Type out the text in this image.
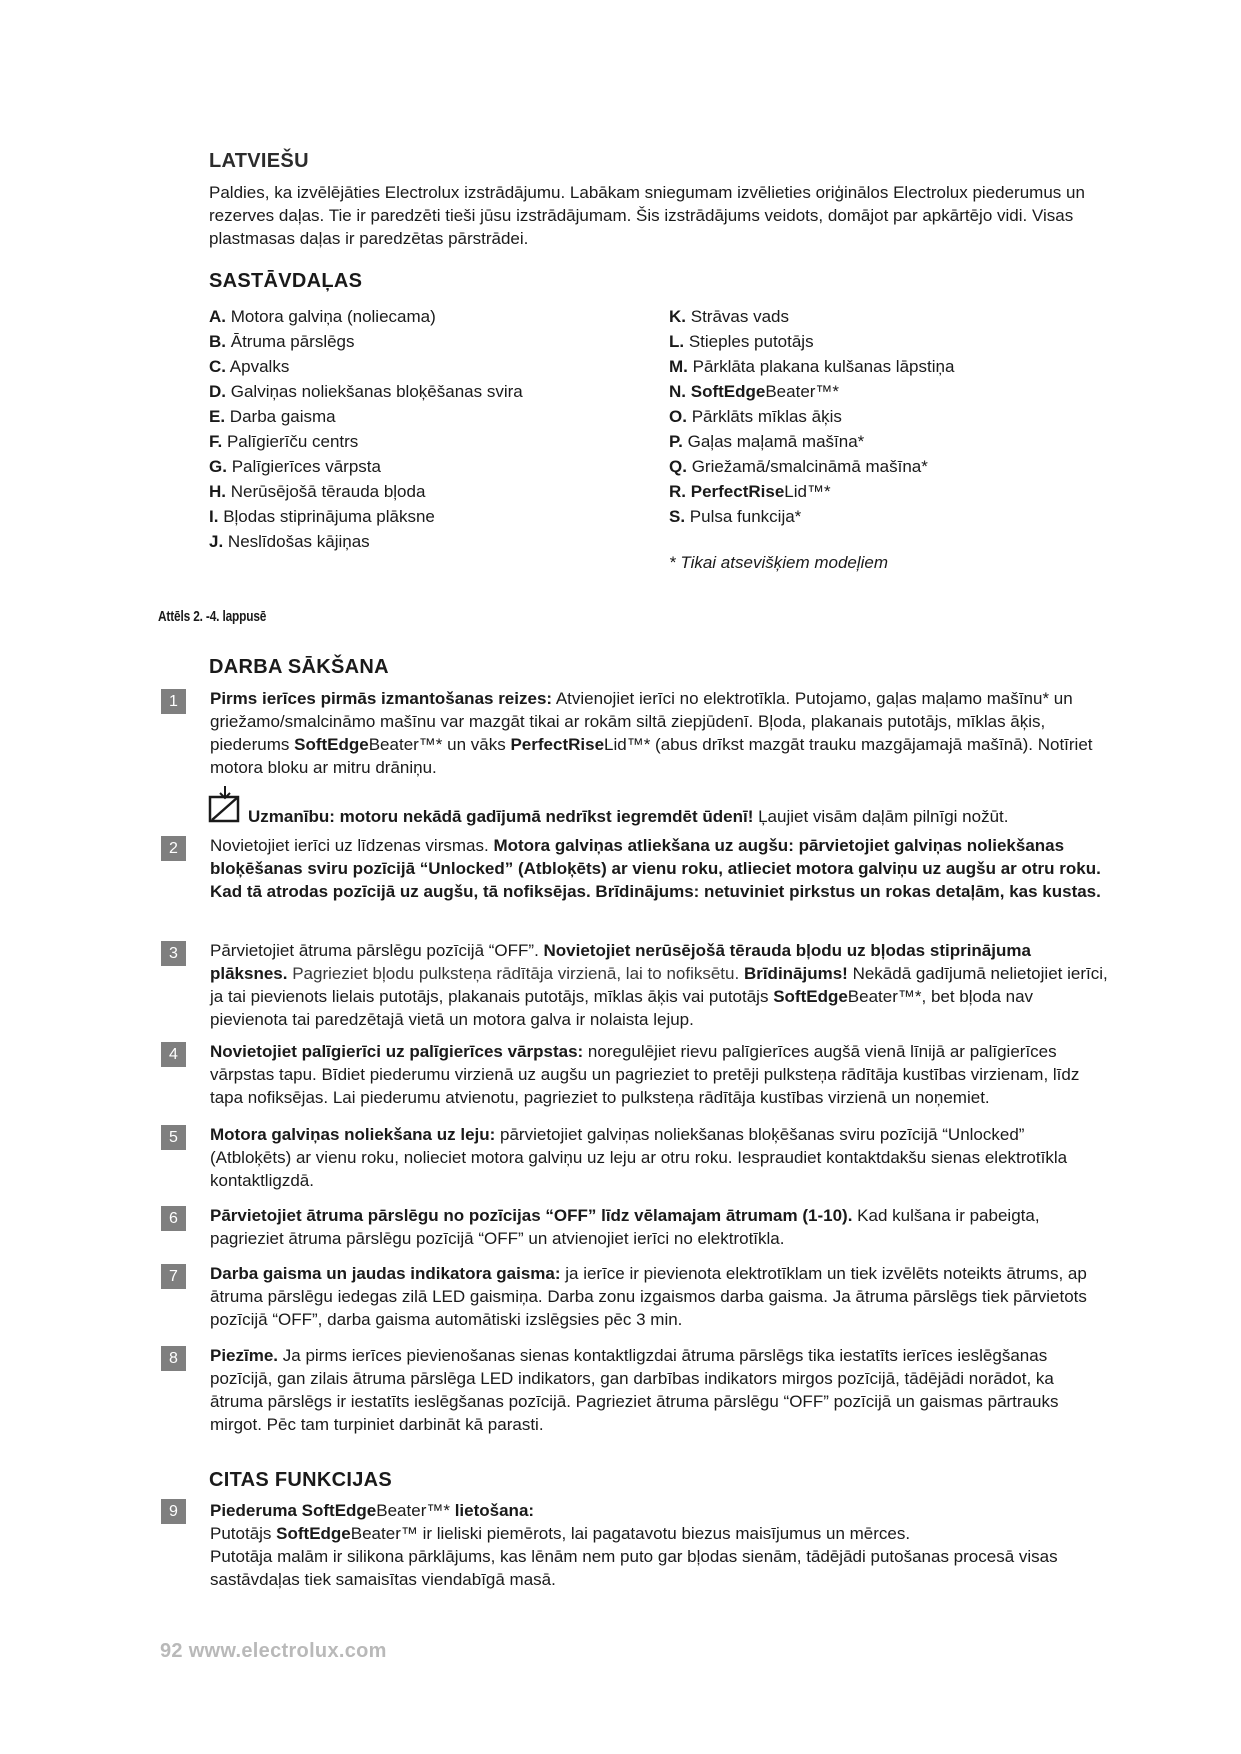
LATVIEŠU

Paldies, ka izvēlējāties Electrolux izstrādājumu. Labākam sniegumam izvēlieties oriģinālos Electrolux piederumus un rezerves daļas. Tie ir paredzēti tieši jūsu izstrādājumam. Šis izstrādājums veidots, domājot par apkārtējo vidi. Visas plastmasas daļas ir paredzētas pārstrādei.

SASTĀVDAĻAS
A. Motora galviņa (noliecama)
B. Ātruma pārslēgs
C. Apvalks
D. Galviņas noliekšanas bloķēšanas svira
E. Darba gaisma
F. Palīgierīču centrs
G. Palīgierīces vārpsta
H. Nerūsējošā tērauda bļoda
I. Bļodas stiprinājuma plāksne
J. Neslīdošas kājiņas
K. Strāvas vads
L. Stieples putotājs
M. Pārklāta plakana kulšanas lāpstiņa
N. SoftEdgeBeater™*
O. Pārklāts mīklas āķis
P. Gaļas maļamā mašīna*
Q. Griežamā/smalcināmā mašīna*
R. PerfectRiseLid™*
S. Pulsa funkcija*
* Tikai atsevišķiem modeļiem
Attēls 2. -4. lappusē
DARBA SĀKŠANA
1	Pirms ierīces pirmās izmantošanas reizes: Atvienojiet ierīci no elektrotīkla. Putojamo, gaļas maļamo mašīnu* un griežamo/smalcināmo mašīnu var mazgāt tikai ar rokām siltā ziepjūdenī. Bļoda, plakanais putotājs, mīklas āķis, piederums SoftEdgeBeater™* un vāks PerfectRiseLid™* (abus drīkst mazgāt trauku mazgājamajā mašīnā). Notīriet motora bloku ar mitru drāniņu.
Uzmanību: motoru nekādā gadījumā nedrīkst iegremdēt ūdenī! Ļaujiet visām daļām pilnīgi nožūt.
2	Novietojiet ierīci uz līdzenas virsmas. Motora galviņas atliekšana uz augšu: pārvietojiet galviņas noliekšanas bloķēšanas sviru pozīcijā “Unlocked” (Atbloķēts) ar vienu roku, atlieciet motora galviņu uz augšu ar otru roku. Kad tā atrodas pozīcijā uz augšu, tā nofiksējas. Brīdinājums: netuviniet pirkstus un rokas detaļām, kas kustas.
3	Pārvietojiet ātruma pārslēgu pozīcijā “OFF”. Novietojiet nerūsējošā tērauda bļodu uz bļodas stiprinājuma plāksnes. Pagrieziet bļodu pulksteņa rādītāja virzienā, lai to nofiksētu. Brīdinājums! Nekādā gadījumā nelietojiet ierīci, ja tai pievienots lielais putotājs, plakanais putotājs, mīklas āķis vai putotājs SoftEdgeBeater™*, bet bļoda nav pievienota tai paredzētajā vietā un motora galva ir nolaista lejup.
4	Novietojiet palīgierīci uz palīgierīces vārpstas: noregulējiet rievu palīgierīces augšā vienā līnijā ar palīgierīces vārpstas tapu. Bīdiet piederumu virzienā uz augšu un pagrieziet to pretēji pulksteņa rādītāja kustības virzienam, līdz tapa nofiksējas. Lai piederumu atvienotu, pagrieziet to pulksteņa rādītāja kustības virzienā un noņemiet.
5	Motora galviņas noliekšana uz leju: pārvietojiet galviņas noliekšanas bloķēšanas sviru pozīcijā “Unlocked” (Atbloķēts) ar vienu roku, nolieciet motora galviņu uz leju ar otru roku. Iespraudiet kontaktdakšu sienas elektrotīkla kontaktligzdā.
6	Pārvietojiet ātruma pārslēgu no pozīcijas “OFF” līdz vēlamajam ātrumam (1-10). Kad kulšana ir pabeigta, pagrieziet ātruma pārslēgu pozīcijā “OFF” un atvienojiet ierīci no elektrotīkla.
7	Darba gaisma un jaudas indikatora gaisma: ja ierīce ir pievienota elektrotīklam un tiek izvēlēts noteikts ātrums, ap ātruma pārslēgu iedegas zilā LED gaismiņa. Darba zonu izgaismos darba gaisma. Ja ātruma pārslēgs tiek pārvietots pozīcijā “OFF”, darba gaisma automātiski izslēgsies pēc 3 min.
8	Piezīme. Ja pirms ierīces pievienošanas sienas kontaktligzdai ātruma pārslēgs tika iestatīts ierīces ieslēgšanas pozīcijā, gan zilais ātruma pārslēga LED indikators, gan darbības indikators mirgos pozīcijā, tādējādi norādot, ka ātruma pārslēgs ir iestatīts ieslēgšanas pozīcijā. Pagrieziet ātruma pārslēgu “OFF” pozīcijā un gaismas pārtrauks mirgot. Pēc tam turpiniet darbināt kā parasti.
CITAS FUNKCIJAS
9	Piederuma SoftEdgeBeater™* lietošana:
Putotājs SoftEdgeBeater™ ir lieliski piemērots, lai pagatavotu biezus maisījumus un mērces.
Putotāja malām ir silikona pārklājums, kas lēnām nem puto gar bļodas sienām, tādējādi putošanas procesā visas sastāvdaļas tiek samaisītas viendabīgā masā.
92 www.electrolux.com
